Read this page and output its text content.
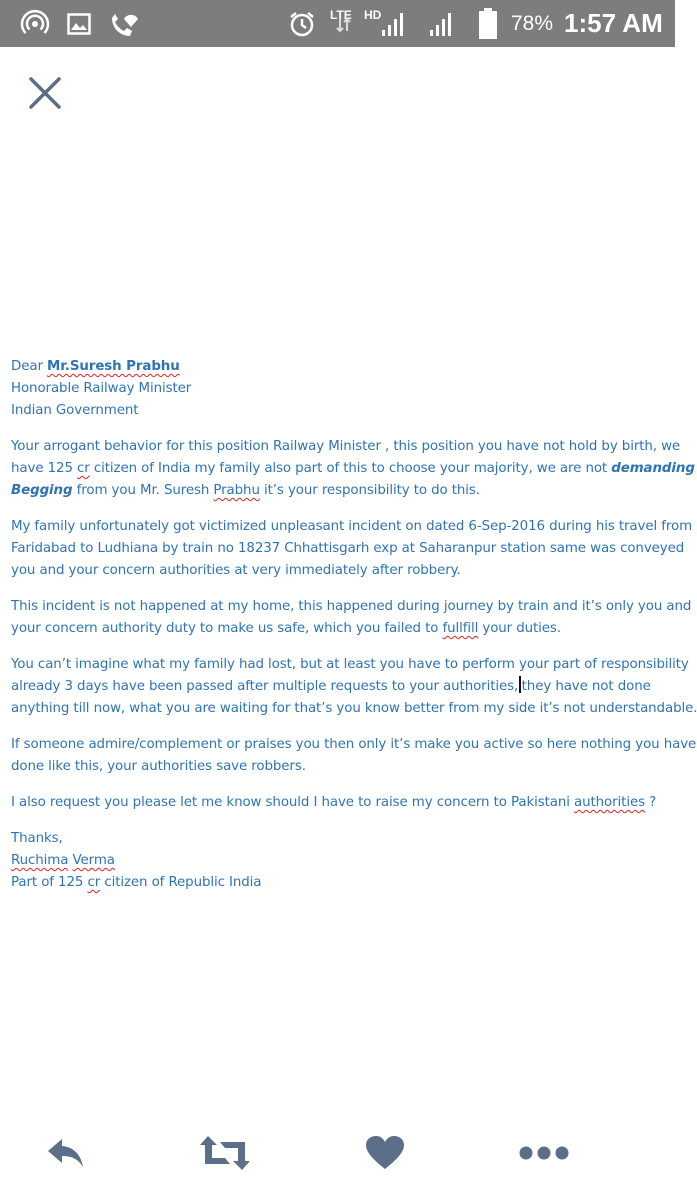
LTE HD	78% 1:57 AM

Dear Mr.Suresh Prabhu
Honorable Railway Minister
Indian Government

Your arrogant behavior for this position Railway Minister , this position you have not hold by birth, we
have 125 cr citizen of India my family also part of this to choose your majority, we are not demanding
Begging from you Mr. Suresh Prabhu it’s your responsibility to do this.

My family unfortunately got victimized unpleasant incident on dated 6-Sep-2016 during his travel from
Faridabad to Ludhiana by train no 18237 Chhattisgarh exp at Saharanpur station same was conveyed
you and your concern authorities at very immediately after robbery.

This incident is not happened at my home, this happened during journey by train and it’s only you and
your concern authority duty to make us safe, which you failed to fullfill your duties.

You can’t imagine what my family had lost, but at least you have to perform your part of responsibility
already 3 days have been passed after multiple requests to your authorities, they have not done
anything till now, what you are waiting for that’s you know better from my side it’s not understandable.

If someone admire/complement or praises you then only it’s make you active so here nothing you have
done like this, your authorities save robbers.

I also request you please let me know should I have to raise my concern to Pakistani authorities ?

Thanks,
Ruchima Verma
Part of 125 cr citizen of Republic India
